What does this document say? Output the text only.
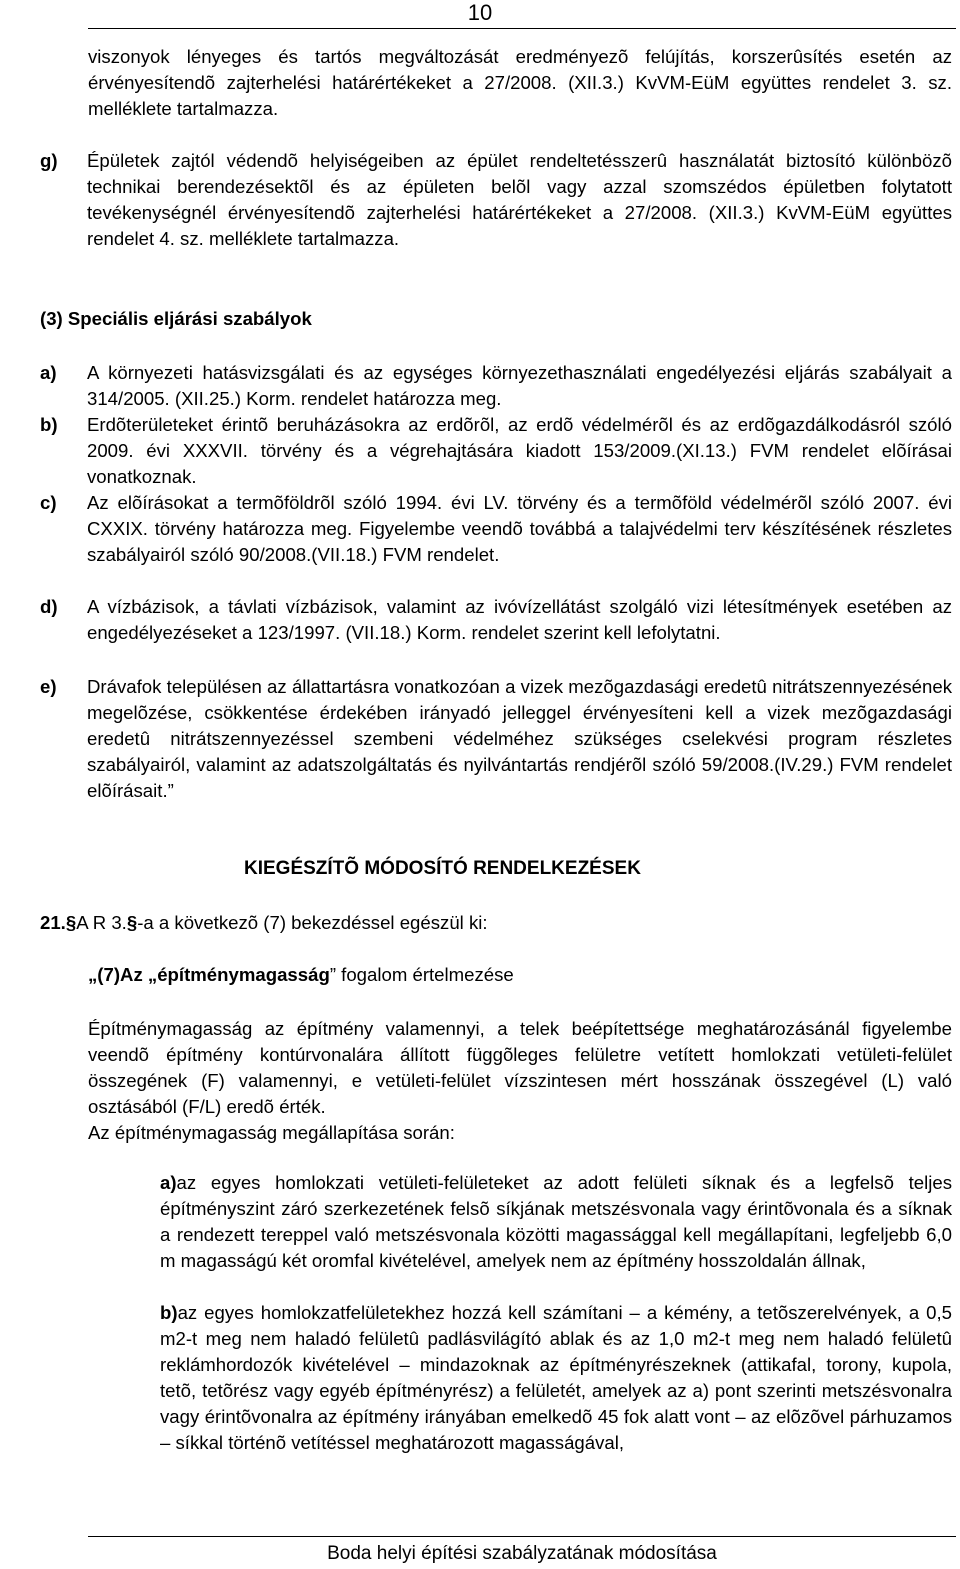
10

viszonyok lényeges és tartós megváltozását eredményezõ felújítás, korszerûsítés esetén az érvényesítendõ zajterhelési határértékeket a 27/2008. (XII.3.) KvVM-EüM együttes rendelet 3. sz. melléklete tartalmazza.

g) Épületek zajtól védendõ helyiségeiben az épület rendeltetésszerû használatát biztosító különbözõ technikai berendezésektõl és az épületen belõl vagy azzal szomszédos épületben folytatott tevékenységnél érvényesítendõ zajterhelési határértékeket a 27/2008. (XII.3.) KvVM-EüM együttes rendelet 4. sz. melléklete tartalmazza.
(3) Speciális eljárási szabályok
a) A környezeti hatásvizsgálati és az egységes környezethasználati engedélyezési eljárás szabályait a 314/2005. (XII.25.) Korm. rendelet határozza meg.
b) Erdõterületeket érintõ beruházásokra az erdõrõl, az erdõ védelmérõl és az erdõgazdálkodásról szóló 2009. évi XXXVII. törvény és a végrehajtására kiadott 153/2009.(XI.13.) FVM rendelet elõírásai vonatkoznak.
c) Az elõírásokat a termõföldrõl szóló 1994. évi LV. törvény és a termõföld védelmérõl szóló 2007. évi CXXIX. törvény határozza meg. Figyelembe veendõ továbbá a talajvédelmi terv készítésének részletes szabályairól szóló 90/2008.(VII.18.) FVM rendelet.
d) A vízbázisok, a távlati vízbázisok, valamint az ivóvízellátást szolgáló vizi létesítmények esetében az engedélyezéseket a 123/1997. (VII.18.) Korm. rendelet szerint kell lefolytatni.
e) Drávafok településen az állattartásra vonatkozóan a vizek mezõgazdasági eredetû nitrátszennyezésének megelõzése, csökkentése érdekében irányadó jelleggel érvényesíteni kell a vizek mezõgazdasági eredetû nitrátszennyezéssel szembeni védelméhez szükséges cselekvési program részletes szabályairól, valamint az adatszolgáltatás és nyilvántartás rendjérõl szóló 59/2008.(IV.29.) FVM rendelet elõírásait.”
KIEGÉSZÍTÕ MÓDOSÍTÓ RENDELKEZÉSEK
21.§A R 3.§-a a következõ (7) bekezdéssel egészül ki:
„(7)Az „építménymagasság” fogalom értelmezése

Építménymagasság az építmény valamennyi, a telek beépítettsége meghatározásánál figyelembe veendõ építmény kontúrvonalára állított függõleges felületre vetített homlokzati vetületi-felület összegének (F) valamennyi, e vetületi-felület vízszintesen mért hosszának összegével (L) való osztásából (F/L) eredõ érték.

Az építménymagasság megállapítása során:

a)az egyes homlokzati vetületi-felületeket az adott felületi síknak és a legfelsõ teljes építményszint záró szerkezetének felsõ síkjának metszésvonala vagy érintõvonala és a síknak a rendezett tereppel való metszésvonala közötti magassággal kell megállapítani, legfeljebb 6,0 m magasságú két oromfal kivételével, amelyek nem az építmény hosszoldalán állnak,

b)az egyes homlokzatfelületekhez hozzá kell számítani – a kémény, a tetõszerelvények, a 0,5 m2-t meg nem haladó felületû padlásvilágító ablak és az 1,0 m2-t meg nem haladó felületû reklámhordozók kivételével – mindazoknak az építményrészeknek (attikafal, torony, kupola, tetõ, tetõrész vagy egyéb építményrész) a felületét, amelyek az a) pont szerinti metszésvonalra vagy érintõvonalra az építmény irányában emelkedõ 45 fok alatt vont – az elõzõvel párhuzamos – síkkal történõ vetítéssel meghatározott magasságával,

Boda helyi építési szabályzatának módosítása
